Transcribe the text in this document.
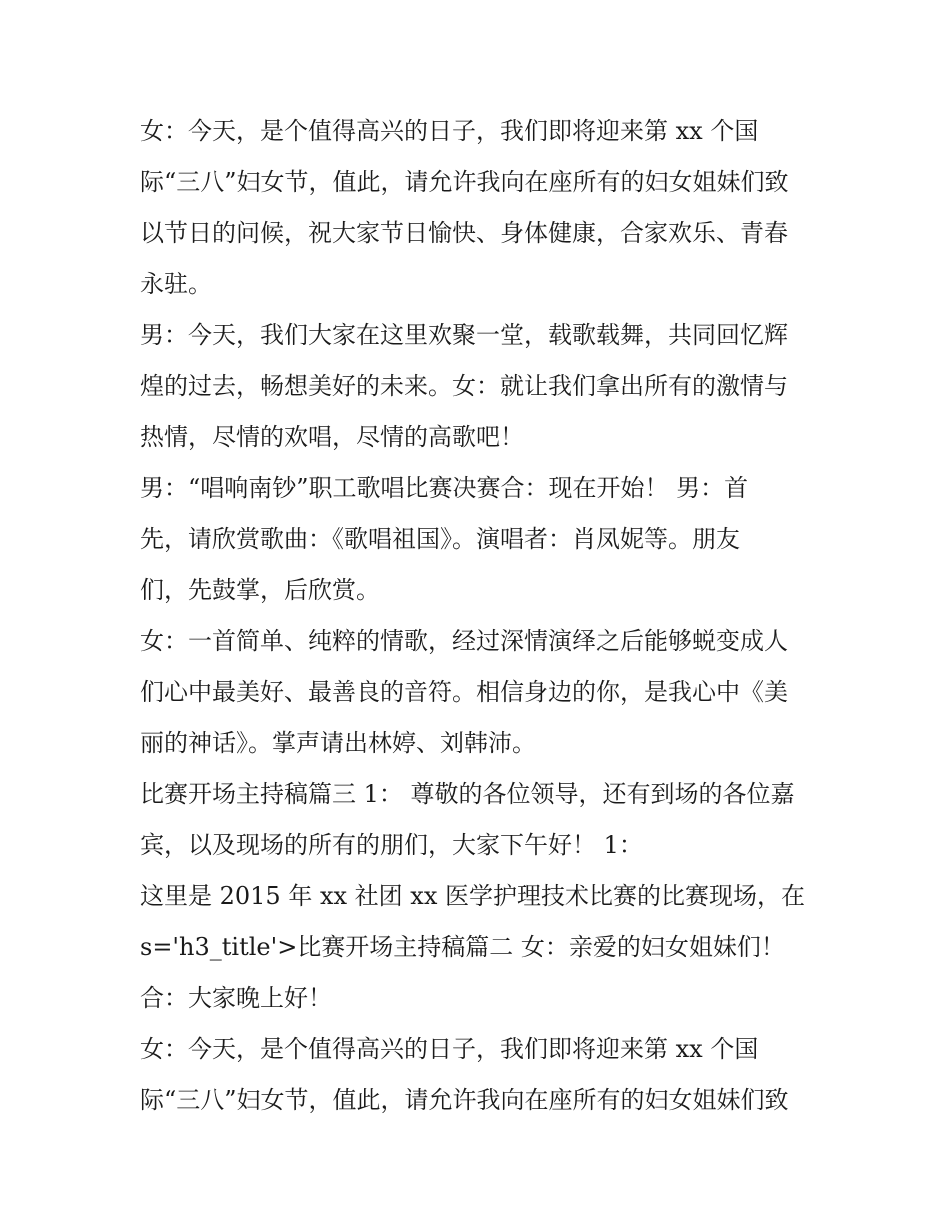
女：今天，是个值得高兴的日子，我们即将迎来第 xx 个国
际“三八”妇女节，值此，请允许我向在座所有的妇女姐妹们致
以节日的问候，祝大家节日愉快、身体健康，合家欢乐、青春
永驻。
男：今天，我们大家在这里欢聚一堂，载歌载舞，共同回忆辉
煌的过去，畅想美好的未来。女：就让我们拿出所有的激情与
热情，尽情的欢唱，尽情的高歌吧！
男：“唱响南钞”职工歌唱比赛决赛合：现在开始！ 男：首
先，请欣赏歌曲：《歌唱祖国》。演唱者：肖凤妮等。朋友
们，先鼓掌，后欣赏。
女：一首简单、纯粹的情歌，经过深情演绎之后能够蜕变成人
们心中最美好、最善良的音符。相信身边的你，是我心中《美
丽的神话》。掌声请出林婷、刘韩沛。
比赛开场主持稿篇三 1： 尊敬的各位领导，还有到场的各位嘉
宾，以及现场的所有的朋们，大家下午好！ 1：
这里是 2015 年 xx 社团 xx 医学护理技术比赛的比赛现场，在
s='h3_title'>比赛开场主持稿篇二 女：亲爱的妇女姐妹们！
合：大家晚上好！
女：今天，是个值得高兴的日子，我们即将迎来第 xx 个国
际“三八”妇女节，值此，请允许我向在座所有的妇女姐妹们致
